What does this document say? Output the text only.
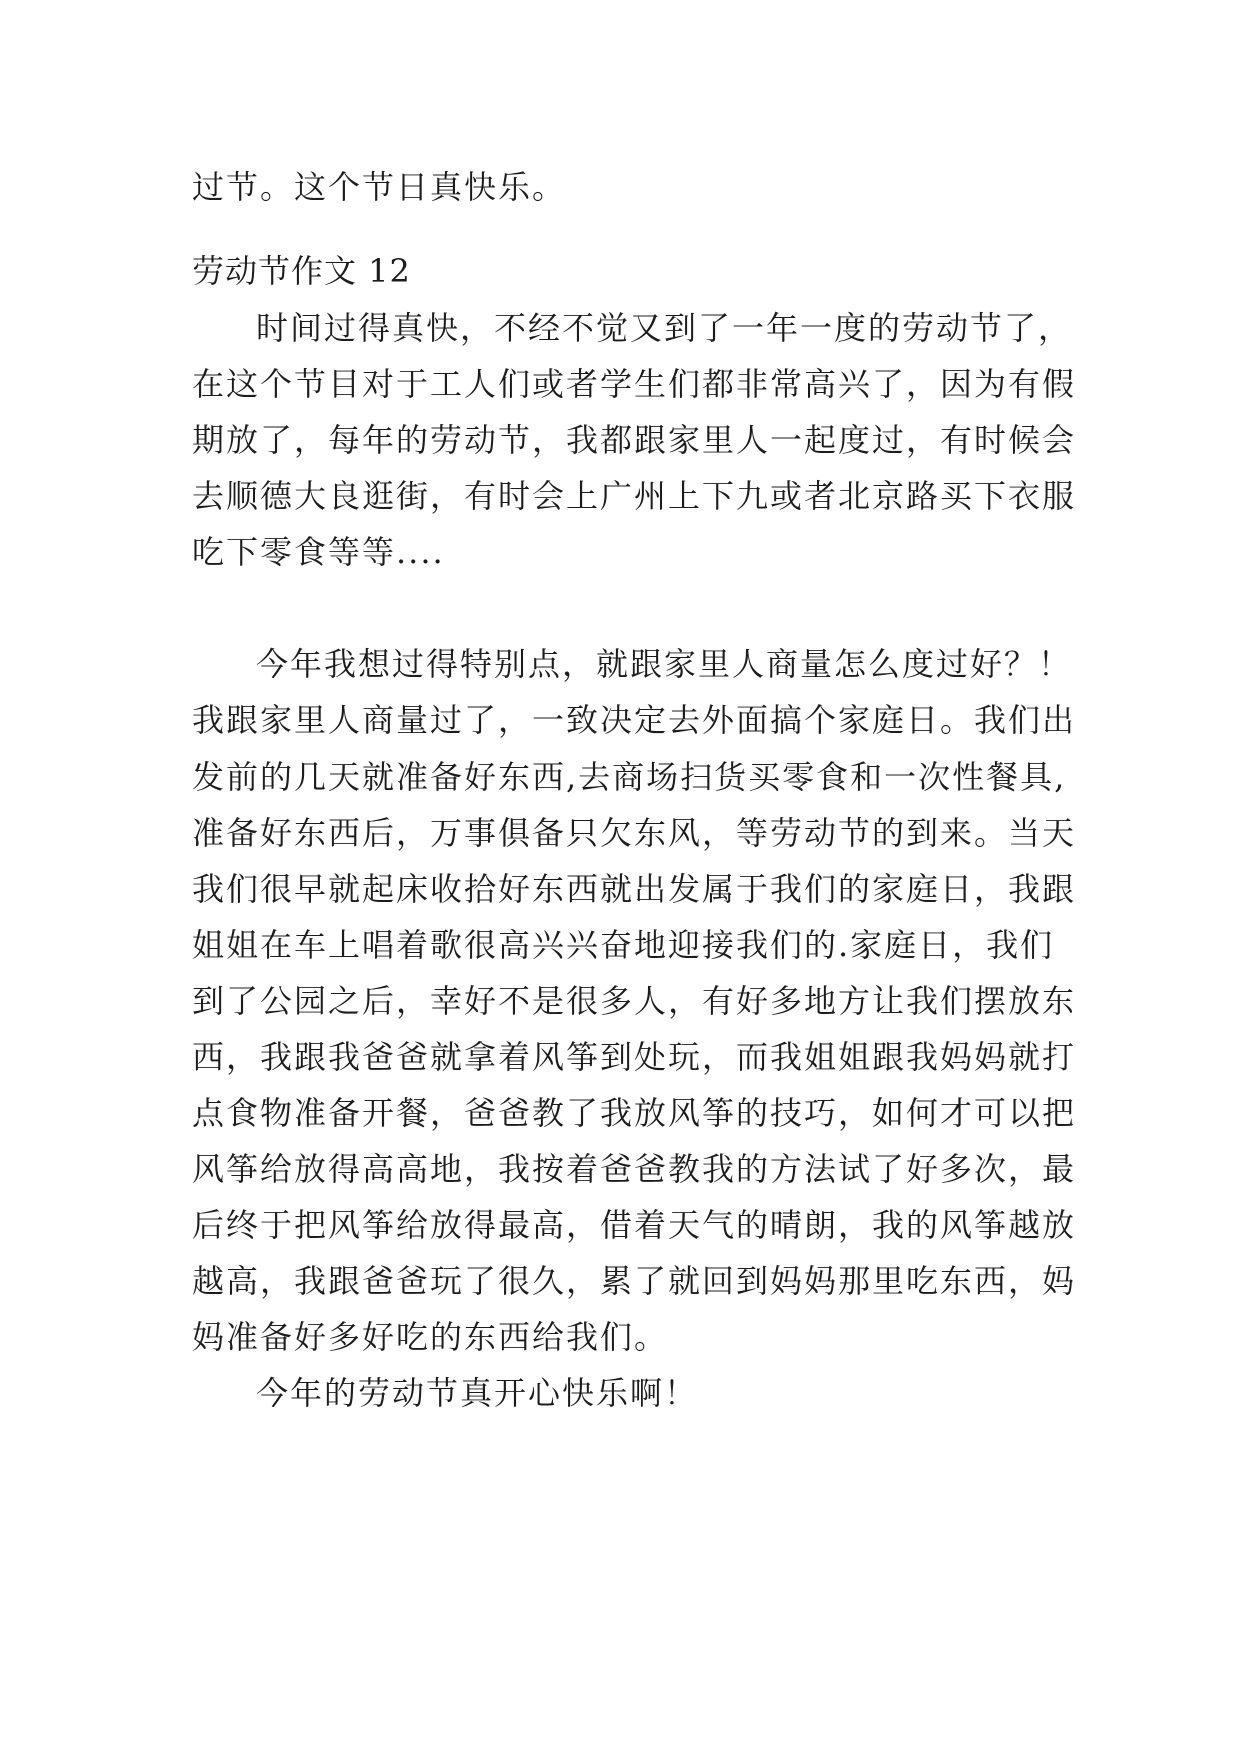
过节。这个节日真快乐。
劳动节作文 12
时间过得真快，不经不觉又到了一年一度的劳动节了，
在这个节目对于工人们或者学生们都非常高兴了，因为有假
期放了，每年的劳动节，我都跟家里人一起度过，有时候会
去顺德大良逛街，有时会上广州上下九或者北京路买下衣服
吃下零食等等....
今年我想过得特别点，就跟家里人商量怎么度过好？！
我跟家里人商量过了，一致决定去外面搞个家庭日。我们出
发前的几天就准备好东西,去商场扫货买零食和一次性餐具,
准备好东西后，万事俱备只欠东风，等劳动节的到来。当天
我们很早就起床收拾好东西就出发属于我们的家庭日，我跟
姐姐在车上唱着歌很高兴兴奋地迎接我们的.家庭日，我们
到了公园之后，幸好不是很多人，有好多地方让我们摆放东
西，我跟我爸爸就拿着风筝到处玩，而我姐姐跟我妈妈就打
点食物准备开餐，爸爸教了我放风筝的技巧，如何才可以把
风筝给放得高高地，我按着爸爸教我的方法试了好多次，最
后终于把风筝给放得最高，借着天气的晴朗，我的风筝越放
越高，我跟爸爸玩了很久，累了就回到妈妈那里吃东西，妈
妈准备好多好吃的东西给我们。
今年的劳动节真开心快乐啊！
